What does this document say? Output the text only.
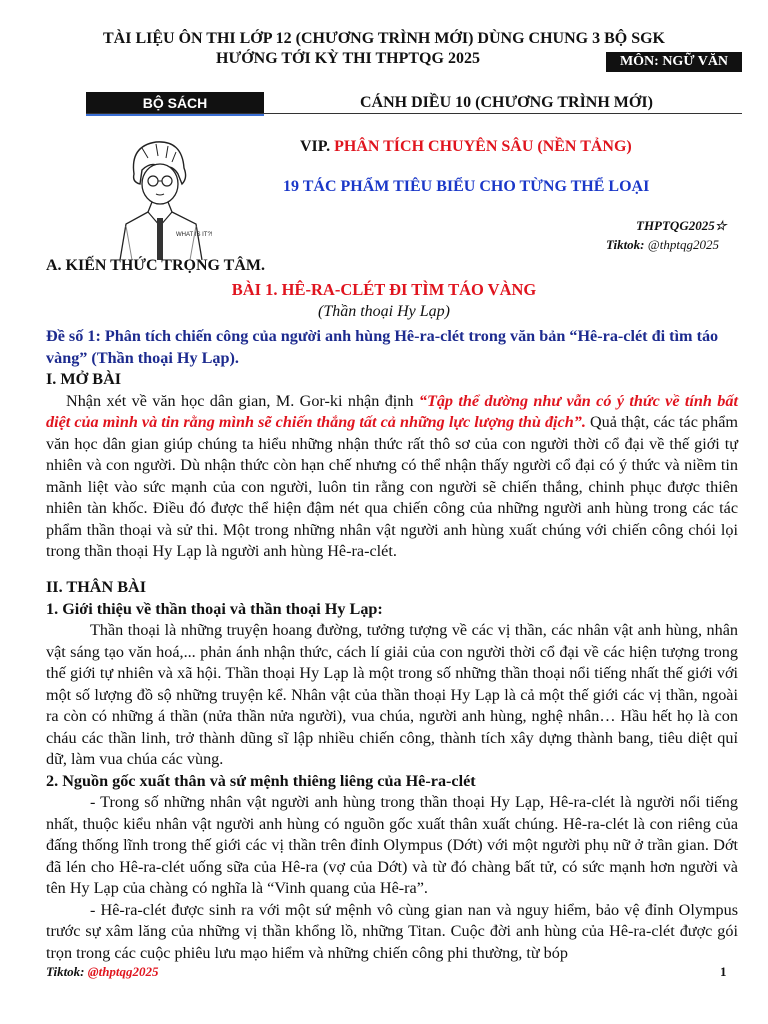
TÀI LIỆU ÔN THI LỚP 12 (CHƯƠNG TRÌNH MỚI) DÙNG CHUNG 3 BỘ SGK
HƯỚNG TỚI KỲ THI THPTQG 2025	MÔN: NGỮ VĂN
BỘ SÁCH	CÁNH DIỀU 10 (CHƯƠNG TRÌNH MỚI)
WHAT IS IT?!
VIP. PHÂN TÍCH CHUYÊN SÂU (NỀN TẢNG)
19 TÁC PHẨM TIÊU BIỂU CHO TỪNG THỂ LOẠI
THPTQG2025☆
Tiktok: @thptqg2025
A. KIẾN THỨC TRỌNG TÂM.
BÀI 1. HÊ-RA-CLÉT ĐI TÌM TÁO VÀNG
(Thần thoại Hy Lạp)
Đề số 1: Phân tích chiến công của người anh hùng Hê-ra-clét trong văn bản “Hê-ra-clét đi tìm táo vàng” (Thần thoại Hy Lạp).
I. MỞ BÀI

Nhận xét về văn học dân gian, M. Gor-ki nhận định “Tập thể dường như vẫn có ý thức về tính bất diệt của mình và tin rằng mình sẽ chiến thắng tất cả những lực lượng thù địch”. Quả thật, các tác phẩm văn học dân gian giúp chúng ta hiểu những nhận thức rất thô sơ của con người thời cổ đại về thế giới tự nhiên và con người. Dù nhận thức còn hạn chế nhưng có thể nhận thấy người cổ đại có ý thức và niềm tin mãnh liệt vào sức mạnh của con người, luôn tin rằng con người sẽ chiến thắng, chinh phục được thiên nhiên tàn khốc. Điều đó được thể hiện đậm nét qua chiến công của những người anh hùng trong các tác phẩm thần thoại và sử thi. Một trong những nhân vật người anh hùng xuất chúng với chiến công chói lọi trong thần thoại Hy Lạp là người anh hùng Hê-ra-clét.

II. THÂN BÀI
1. Giới thiệu về thần thoại và thần thoại Hy Lạp:

Thần thoại là những truyện hoang đường, tưởng tượng về các vị thần, các nhân vật anh hùng, nhân vật sáng tạo văn hoá,... phản ánh nhận thức, cách lí giải của con người thời cổ đại về các hiện tượng trong thế giới tự nhiên và xã hội. Thần thoại Hy Lạp là một trong số những thần thoại nổi tiếng nhất thế giới với một số lượng đồ sộ những truyện kể. Nhân vật của thần thoại Hy Lạp là cả một thế giới các vị thần, ngoài ra còn có những á thần (nửa thần nửa người), vua chúa, người anh hùng, nghệ nhân… Hầu hết họ là con cháu các thần linh, trở thành dũng sĩ lập nhiều chiến công, thành tích xây dựng thành bang, tiêu diệt quỉ dữ, làm vua chúa các vùng.

2. Nguồn gốc xuất thân và sứ mệnh thiêng liêng của Hê-ra-clét

- Trong số những nhân vật người anh hùng trong thần thoại Hy Lạp, Hê-ra-clét là người nổi tiếng nhất, thuộc kiểu nhân vật người anh hùng có nguồn gốc xuất thân xuất chúng. Hê-ra-clét là con riêng của đấng thống lĩnh trong thế giới các vị thần trên đỉnh Olympus (Dớt) với một người phụ nữ ở trần gian. Dớt đã lén cho Hê-ra-clét uống sữa của Hê-ra (vợ của Dớt) và từ đó chàng bất tử, có sức mạnh hơn người và tên Hy Lạp của chàng có nghĩa là “Vinh quang của Hê-ra”.

- Hê-ra-clét được sinh ra với một sứ mệnh vô cùng gian nan và nguy hiểm, bảo vệ đỉnh Olympus trước sự xâm lăng của những vị thần khổng lồ, những Titan. Cuộc đời anh hùng của Hê-ra-clét được gói trọn trong các cuộc phiêu lưu mạo hiểm và những chiến công phi thường, từ bóp

Tiktok: @thptqg2025	1
